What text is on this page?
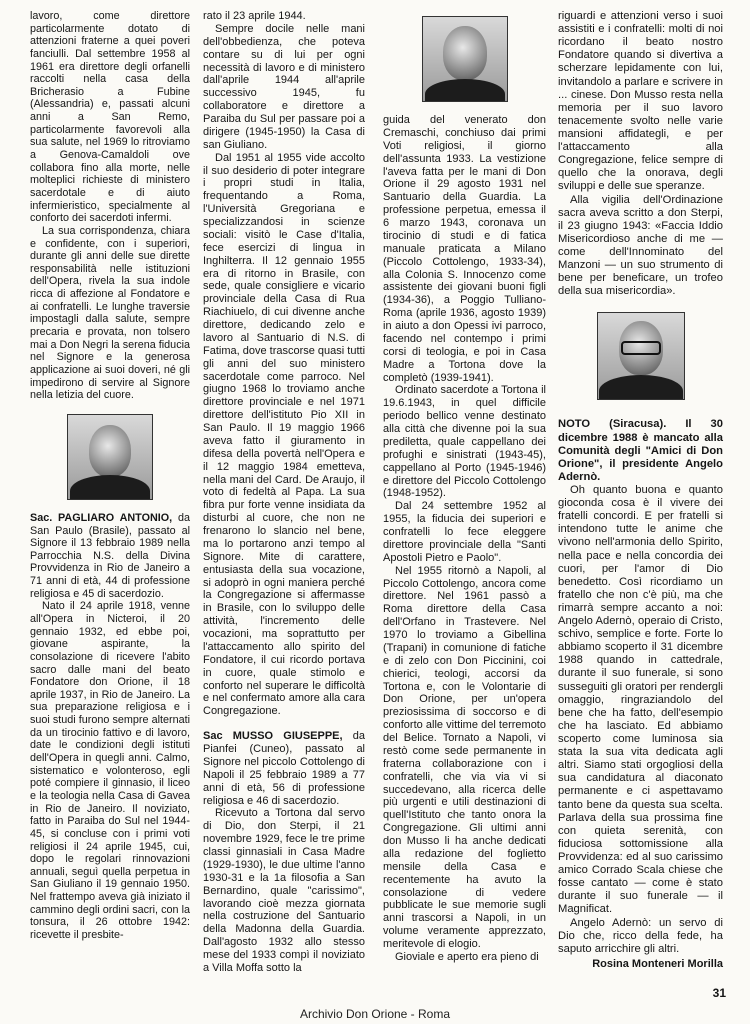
lavoro, come direttore particolarmente dotato di attenzioni fraterne a quei poveri fanciulli. Dal settembre 1958 al 1961 era direttore degli orfanelli raccolti nella casa della Bricherasio a Fubine (Alessandria) e, passati alcuni anni a San Remo, particolarmente favorevoli alla sua salute, nel 1969 lo ritroviamo a Genova-Camaldoli ove collabora fino alla morte, nelle molteplici richieste di ministero sacerdotale e di aiuto infermieristico, specialmente al conforto dei sacerdoti infermi.

La sua corrispondenza, chiara e confidente, con i superiori, durante gli anni delle sue dirette responsabilità nelle istituzioni dell'Opera, rivela la sua indole ricca di affezione al Fondatore e ai confratelli. Le lunghe traversie impostagli dalla salute, sempre precaria e provata, non tolsero mai a Don Negri la serena fiducia nel Signore e la generosa applicazione ai suoi doveri, né gli impedirono di servire al Signore nella letizia del cuore.

Sac. PAGLIARO ANTONIO, da San Paulo (Brasile), passato al Signore il 13 febbraio 1989 nella Parrocchia N.S. della Divina Provvidenza in Rio de Janeiro a 71 anni di età, 44 di professione religiosa e 45 di sacerdozio.

Nato il 24 aprile 1918, venne all'Opera in Nicteroi, il 20 gennaio 1932, ed ebbe poi, giovane aspirante, la consolazione di ricevere l'abito sacro dalle mani del beato Fondatore don Orione, il 18 aprile 1937, in Rio de Janeiro. La sua preparazione religiosa e i suoi studi furono sempre alternati da un tirocinio fattivo e di lavoro, date le condizioni degli istituti dell'Opera in quegli anni. Calmo, sistematico e volonteroso, egli poté compiere il ginnasio, il liceo e la teologia nella Casa di Gavea in Rio de Janeiro. Il noviziato, fatto in Paraiba do Sul nel 1944-45, si concluse con i primi voti religiosi il 24 aprile 1945, cui, dopo le regolari rinnovazioni annuali, seguì quella perpetua in San Giuliano il 19 gennaio 1950. Nel frattempo aveva già iniziato il cammino degli ordini sacri, con la tonsura, il 26 ottobre 1942: ricevette il presbite-

rato il 23 aprile 1944.

Sempre docile nelle mani dell'obbedienza, che poteva contare su di lui per ogni necessità di lavoro e di ministero dall'aprile 1944 all'aprile successivo 1945, fu collaboratore e direttore a Paraiba du Sul per passare poi a dirigere (1945-1950) la Casa di san Giuliano.

Dal 1951 al 1955 vide accolto il suo desiderio di poter integrare i propri studi in Italia, frequentando a Roma, l'Università Gregoriana e specializzandosi in scienze sociali: visitò le Case d'Italia, fece esercizi di lingua in Inghilterra. Il 12 gennaio 1955 era di ritorno in Brasile, con sede, quale consigliere e vicario provinciale della Casa di Rua Riachiuelo, di cui divenne anche direttore, dedicando zelo e lavoro al Santuario di N.S. di Fatima, dove trascorse quasi tutti gli anni del suo ministero sacerdotale come parroco. Nel giugno 1968 lo troviamo anche direttore provinciale e nel 1971 direttore dell'istituto Pio XII in San Paulo. Il 19 maggio 1966 aveva fatto il giuramento in difesa della povertà nell'Opera e il 12 maggio 1984 emetteva, nella mani del Card. De Araujo, il voto di fedeltà al Papa. La sua fibra pur forte venne insidiata da disturbi al cuore, che non ne frenarono lo slancio nel bene, ma lo portarono anzi tempo al Signore. Mite di carattere, entusiasta della sua vocazione, si adoprò in ogni maniera perché la Congregazione si affermasse in Brasile, con lo sviluppo delle attività, l'incremento delle vocazioni, ma soprattutto per l'attaccamento allo spirito del Fondatore, il cui ricordo portava in cuore, quale stimolo e conforto nel superare le difficoltà e nel confermato amore alla cara Congregazione.

Sac MUSSO GIUSEPPE, da Pianfei (Cuneo), passato al Signore nel piccolo Cottolengo di Napoli il 25 febbraio 1989 a 77 anni di età, 56 di professione religiosa e 46 di sacerdozio.

Ricevuto a Tortona dal servo di Dio, don Sterpi, il 21 novembre 1929, fece le tre prime classi ginnasiali in Casa Madre (1929-1930), le due ultime l'anno 1930-31 e la 1a filosofia a San Bernardino, quale "carissimo", lavorando cioè mezza giornata nella costruzione del Santuario della Madonna della Guardia. Dall'agosto 1932 allo stesso mese del 1933 compì il noviziato a Villa Moffa sotto la

guida del venerato don Cremaschi, conchiuso dai primi Voti religiosi, il giorno dell'assunta 1933. La vestizione l'aveva fatta per le mani di Don Orione il 29 agosto 1931 nel Santuario della Guardia. La professione perpetua, emessa il 6 marzo 1943, coronava un tirocinio di studi e di fatica manuale praticata a Milano (Piccolo Cottolengo, 1933-34), alla Colonia S. Innocenzo come assistente dei giovani buoni figli (1934-36), a Poggio Tulliano-Roma (aprile 1936, agosto 1939) in aiuto a don Opessi ivi parroco, facendo nel contempo i primi corsi di teologia, e poi in Casa Madre a Tortona dove la completò (1939-1941).

Ordinato sacerdote a Tortona il 19.6.1943, in quel difficile periodo bellico venne destinato alla città che divenne poi la sua prediletta, quale cappellano dei profughi e sinistrati (1943-45), cappellano al Porto (1945-1946) e direttore del Piccolo Cottolengo (1948-1952).

Dal 24 settembre 1952 al 1955, la fiducia dei superiori e confratelli lo fece eleggere direttore provinciale della "Santi Apostoli Pietro e Paolo".

Nel 1955 ritornò a Napoli, al Piccolo Cottolengo, ancora come direttore. Nel 1961 passò a Roma direttore della Casa dell'Orfano in Trastevere. Nel 1970 lo troviamo a Gibellina (Trapani) in comunione di fatiche e di zelo con Don Piccinini, coi chierici, teologi, accorsi da Tortona e, con le Volontarie di Don Orione, per un'opera preziosissima di soccorso e di conforto alle vittime del terremoto del Belice. Tornato a Napoli, vi restò come sede permanente in fraterna collaborazione con i confratelli, che via via vi si succedevano, alla ricerca delle più urgenti e utili destinazioni di quell'Istituto che tanto onora la Congregazione. Gli ultimi anni don Musso li ha anche dedicati alla redazione del foglietto mensile della Casa e recentemente ha avuto la consolazione di vedere pubblicate le sue memorie sugli anni trascorsi a Napoli, in un volume veramente apprezzato, meritevole di elogio.

Gioviale e aperto era pieno di

riguardi e attenzioni verso i suoi assistiti e i confratelli: molti di noi ricordano il beato nostro Fondatore quando si divertiva a scherzare lepidamente con lui, invitandolo a parlare e scrivere in ... cinese. Don Musso resta nella memoria per il suo lavoro tenacemente svolto nelle varie mansioni affidategli, e per l'attaccamento alla Congregazione, felice sempre di quello che la onorava, degli sviluppi e delle sue speranze.

Alla vigilia dell'Ordinazione sacra aveva scritto a don Sterpi, il 23 giugno 1943: «Faccia Iddio Misericordioso anche di me — come dell'Innominato del Manzoni — un suo strumento di bene per beneficare, un trofeo della sua misericordia».

NOTO (Siracusa). Il 30 dicembre 1988 è mancato alla Comunità degli "Amici di Don Orione", il presidente Angelo Adernò.

Oh quanto buona e quanto gioconda cosa è il vivere dei fratelli concordi. E per fratelli si intendono tutte le anime che vivono nell'armonia dello Spirito, nella pace e nella concordia dei cuori, per l'amor di Dio benedetto. Così ricordiamo un fratello che non c'è più, ma che rimarrà sempre accanto a noi: Angelo Adernò, operaio di Cristo, schivo, semplice e forte. Forte lo abbiamo scoperto il 31 dicembre 1988 quando in cattedrale, durante il suo funerale, si sono susseguiti gli oratori per rendergli omaggio, ringraziandolo del bene che ha fatto, dell'esempio che ha lasciato. Ed abbiamo scoperto come luminosa sia stata la sua vita dedicata agli altri. Siamo stati orgogliosi della sua candidatura al diaconato permanente e ci aspettavamo tanto bene da questa sua scelta. Parlava della sua prossima fine con quieta serenità, con fiduciosa sottomissione alla Provvidenza: ed al suo carissimo amico Corrado Scala chiese che fosse cantato — come è stato durante il suo funerale — il Magnificat.

Angelo Adernò: un servo di Dio che, ricco della fede, ha saputo arricchire gli altri.

Rosina Monteneri Morilla

31
Archivio Don Orione - Roma
